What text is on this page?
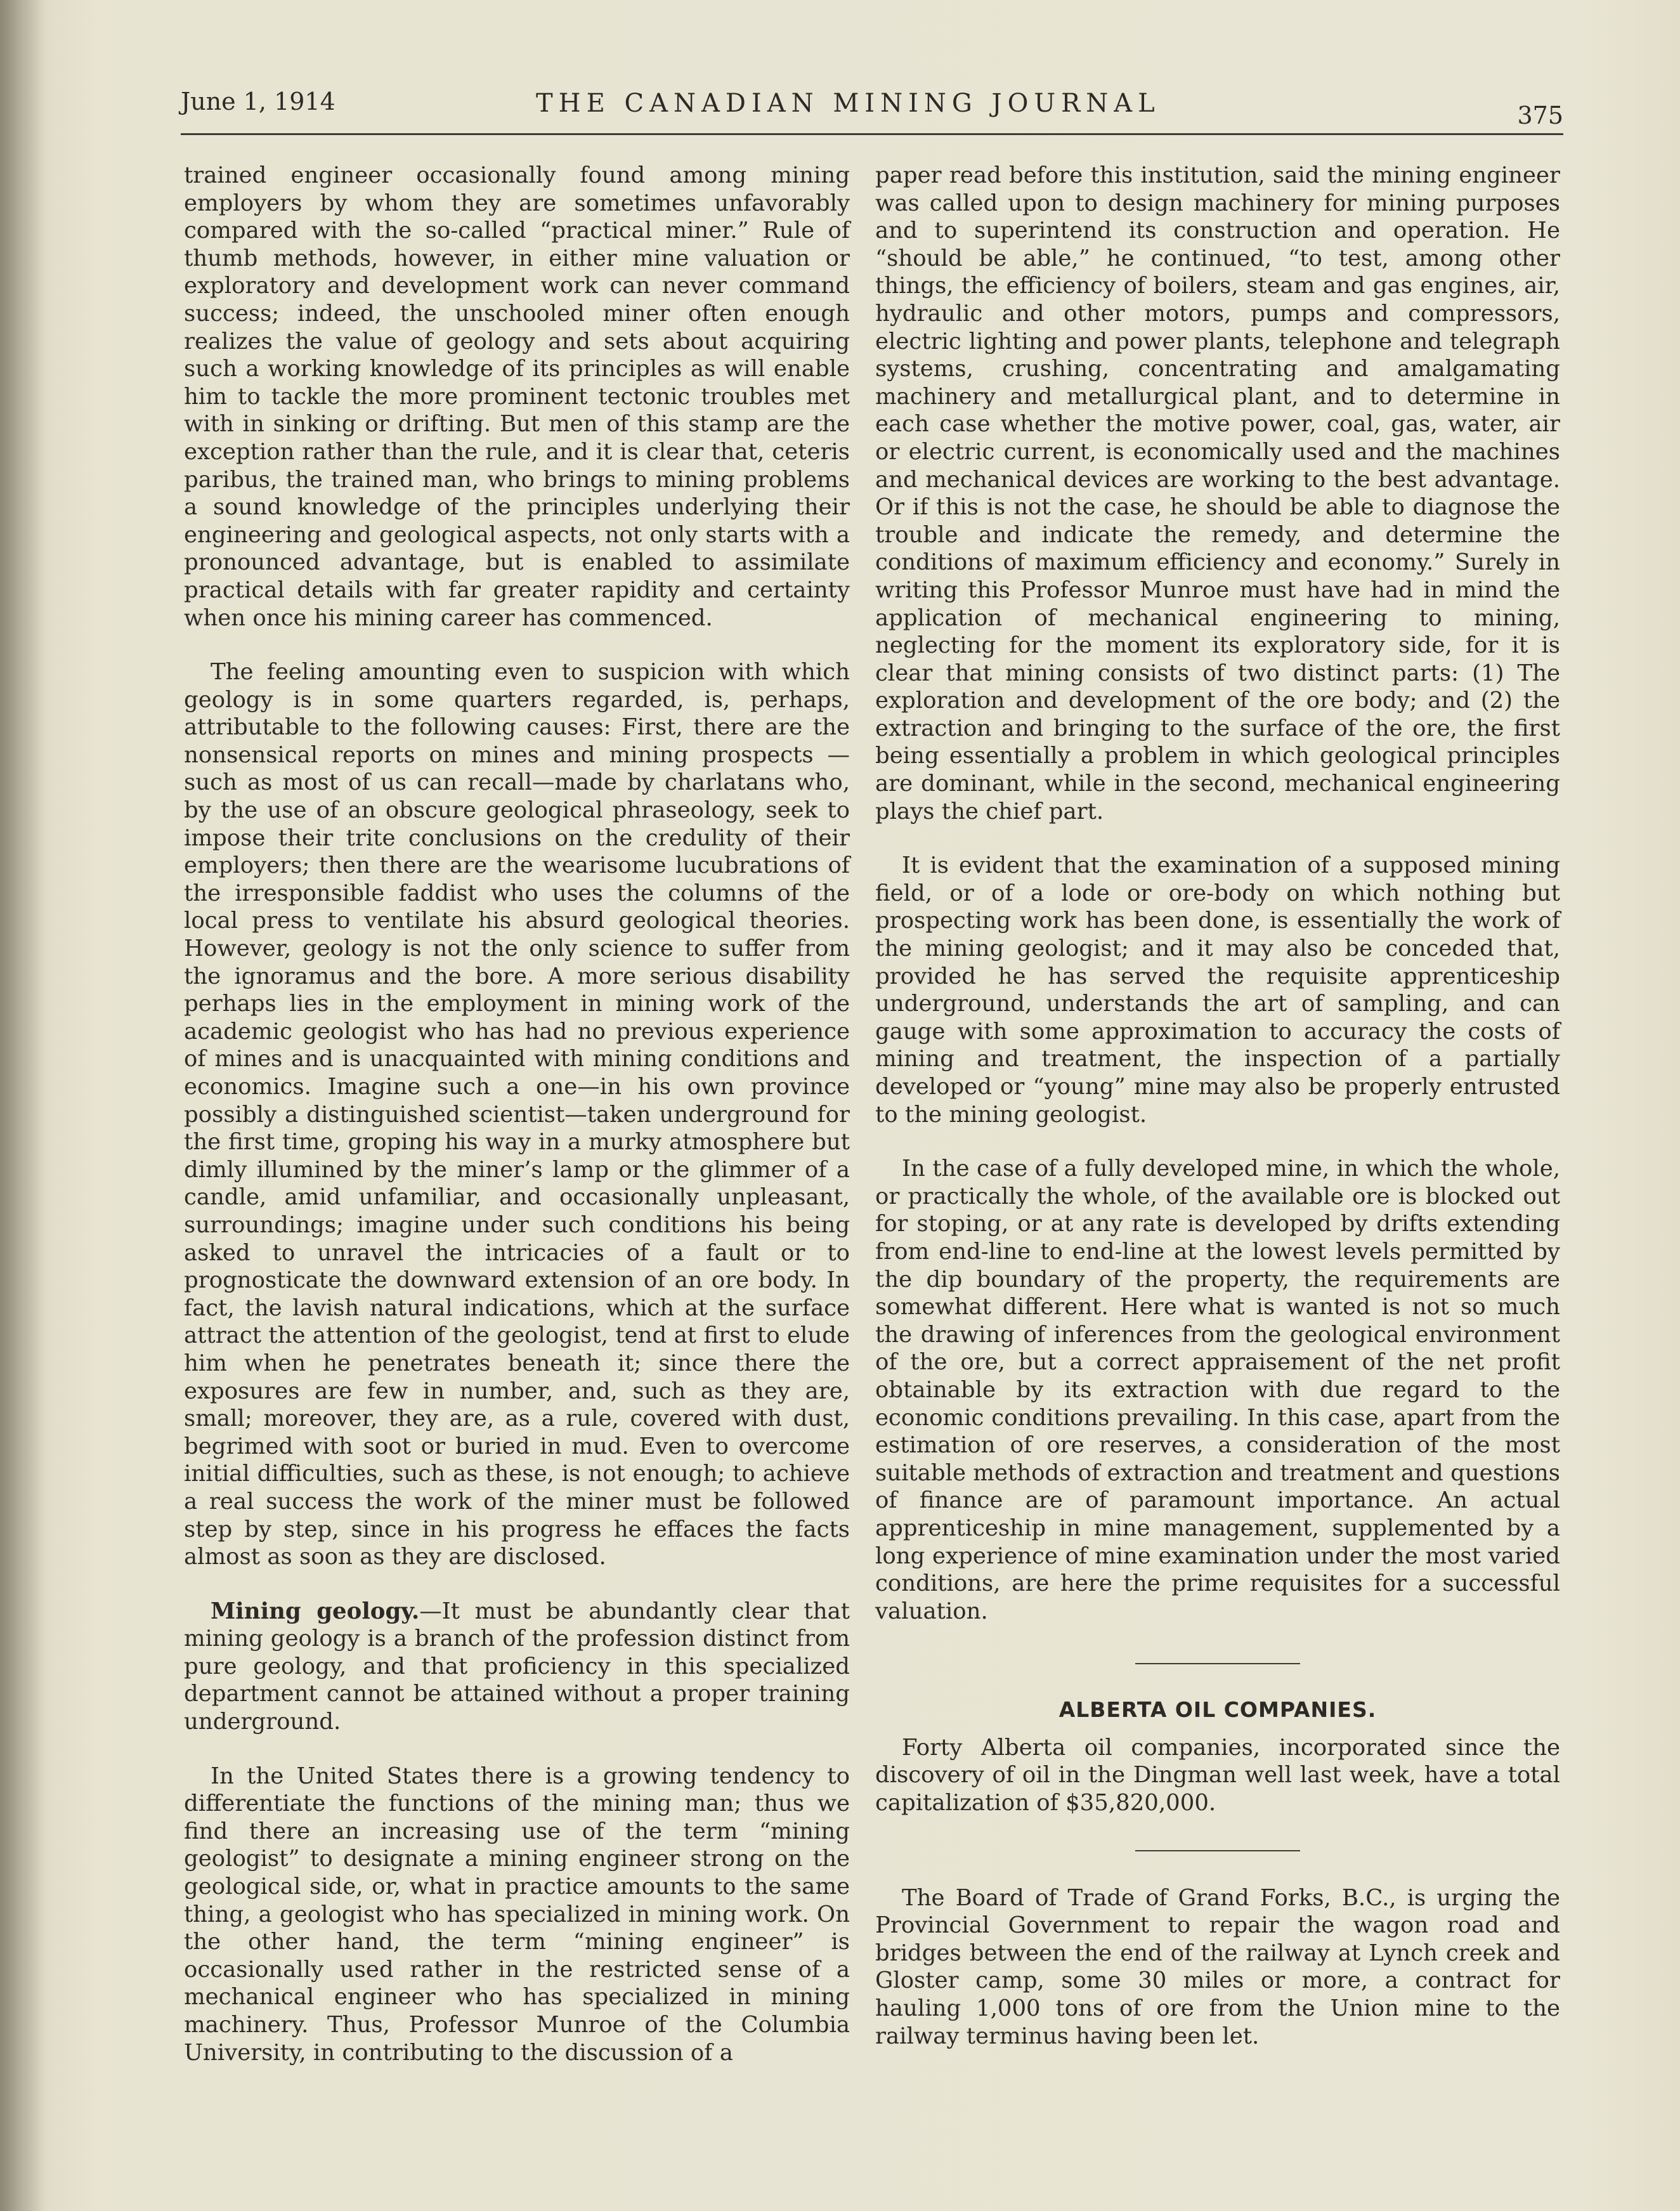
June 1, 1914	THE CANADIAN MINING JOURNAL	375

trained engineer occasionally found among mining employers by whom they are sometimes unfavorably compared with the so-called “practical miner.” Rule of thumb methods, however, in either mine valuation or exploratory and development work can never command success; indeed, the unschooled miner often enough realizes the value of geology and sets about acquiring such a working knowledge of its principles as will enable him to tackle the more prominent tectonic troubles met with in sinking or drifting. But men of this stamp are the exception rather than the rule, and it is clear that, ceteris paribus, the trained man, who brings to mining problems a sound knowledge of the principles underlying their engineering and geological aspects, not only starts with a pronounced advantage, but is enabled to assimilate practical details with far greater rapidity and certainty when once his mining career has commenced.

The feeling amounting even to suspicion with which geology is in some quarters regarded, is, perhaps, attributable to the following causes: First, there are the nonsensical reports on mines and mining prospects —such as most of us can recall—made by charlatans who, by the use of an obscure geological phraseology, seek to impose their trite conclusions on the credulity of their employers; then there are the wearisome lucubrations of the irresponsible faddist who uses the columns of the local press to ventilate his absurd geological theories. However, geology is not the only science to suffer from the ignoramus and the bore. A more serious disability perhaps lies in the employment in mining work of the academic geologist who has had no previous experience of mines and is unacquainted with mining conditions and economics. Imagine such a one—in his own province possibly a distinguished scientist—taken underground for the first time, groping his way in a murky atmosphere but dimly illumined by the miner’s lamp or the glimmer of a candle, amid unfamiliar, and occasionally unpleasant, surroundings; imagine under such conditions his being asked to unravel the intricacies of a fault or to prognosticate the downward extension of an ore body. In fact, the lavish natural indications, which at the surface attract the attention of the geologist, tend at first to elude him when he penetrates beneath it; since there the exposures are few in number, and, such as they are, small; moreover, they are, as a rule, covered with dust, begrimed with soot or buried in mud. Even to overcome initial difficulties, such as these, is not enough; to achieve a real success the work of the miner must be followed step by step, since in his progress he effaces the facts almost as soon as they are disclosed.

Mining geology.—It must be abundantly clear that mining geology is a branch of the profession distinct from pure geology, and that proficiency in this specialized department cannot be attained without a proper training underground.

In the United States there is a growing tendency to differentiate the functions of the mining man; thus we find there an increasing use of the term “mining geologist” to designate a mining engineer strong on the geological side, or, what in practice amounts to the same thing, a geologist who has specialized in mining work. On the other hand, the term “mining engineer” is occasionally used rather in the restricted sense of a mechanical engineer who has specialized in mining machinery. Thus, Professor Munroe of the Columbia University, in contributing to the discussion of a

paper read before this institution, said the mining engineer was called upon to design machinery for mining purposes and to superintend its construction and operation. He “should be able,” he continued, “to test, among other things, the efficiency of boilers, steam and gas engines, air, hydraulic and other motors, pumps and compressors, electric lighting and power plants, telephone and telegraph systems, crushing, concentrating and amalgamating machinery and metallurgical plant, and to determine in each case whether the motive power, coal, gas, water, air or electric current, is economically used and the machines and mechanical devices are working to the best advantage. Or if this is not the case, he should be able to diagnose the trouble and indicate the remedy, and determine the conditions of maximum efficiency and economy.” Surely in writing this Professor Munroe must have had in mind the application of mechanical engineering to mining, neglecting for the moment its exploratory side, for it is clear that mining consists of two distinct parts: (1) The exploration and development of the ore body; and (2) the extraction and bringing to the surface of the ore, the first being essentially a problem in which geological principles are dominant, while in the second, mechanical engineering plays the chief part.

It is evident that the examination of a supposed mining field, or of a lode or ore-body on which nothing but prospecting work has been done, is essentially the work of the mining geologist; and it may also be conceded that, provided he has served the requisite apprenticeship underground, understands the art of sampling, and can gauge with some approximation to accuracy the costs of mining and treatment, the inspection of a partially developed or “young” mine may also be properly entrusted to the mining geologist.

In the case of a fully developed mine, in which the whole, or practically the whole, of the available ore is blocked out for stoping, or at any rate is developed by drifts extending from end-line to end-line at the lowest levels permitted by the dip boundary of the property, the requirements are somewhat different. Here what is wanted is not so much the drawing of inferences from the geological environment of the ore, but a correct appraisement of the net profit obtainable by its extraction with due regard to the economic conditions prevailing. In this case, apart from the estimation of ore reserves, a consideration of the most suitable methods of extraction and treatment and questions of finance are of paramount importance. An actual apprenticeship in mine management, supplemented by a long experience of mine examination under the most varied conditions, are here the prime requisites for a successful valuation.

ALBERTA OIL COMPANIES.

Forty Alberta oil companies, incorporated since the discovery of oil in the Dingman well last week, have a total capitalization of $35,820,000.

The Board of Trade of Grand Forks, B.C., is urging the Provincial Government to repair the wagon road and bridges between the end of the railway at Lynch creek and Gloster camp, some 30 miles or more, a contract for hauling 1,000 tons of ore from the Union mine to the railway terminus having been let.
